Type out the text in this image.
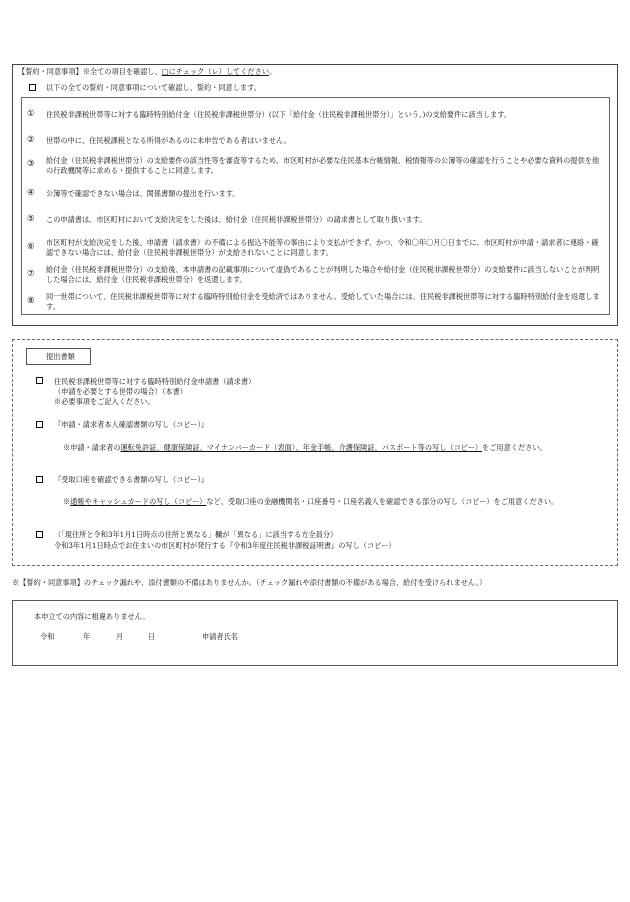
【誓約・同意事項】※全ての項目を確認し、□にチェック（レ）してください。
以下の全ての誓約・同意事項について確認し、誓約・同意します。
① 住民税非課税世帯等に対する臨時特別給付金（住民税非課税世帯分）(以下「給付金（住民税非課税世帯分）」という。)の支給要件に該当します。
② 世帯の中に、住民税課税となる所得があるのに未申告である者はいません。
③ 給付金（住民税非課税世帯分）の支給要件の該当性等を審査等するため、市区町村が必要な住民基本台帳情報、税情報等の公簿等の確認を行うことや必要な資料の提供を他の行政機関等に求める・提供することに同意します。
④ 公簿等で確認できない場合は、関係書類の提出を行います。
⑤ この申請書は、市区町村において支給決定をした後は、給付金（住民税非課税世帯分）の請求書として取り扱います。
⑥ 市区町村が支給決定をした後、申請書（請求書）の不備による振込不能等の事由により支払ができず、かつ、令和〇年〇月〇日までに、市区町村が申請・請求者に連絡・確認できない場合には、給付金（住民税非課税世帯分）が支給されないことに同意します。
⑦ 給付金（住民税非課税世帯分）の支給後、本申請書の記載事項について虚偽であることが判明した場合や給付金（住民税非課税世帯分）の支給要件に該当しないことが判明した場合には、給付金（住民税非課税世帯分）を返還します。
⑧ 同一世帯について、住民税非課税世帯等に対する臨時特別給付金を受給済ではありません。受給していた場合には、住民税非課税世帯等に対する臨時特別給付金を返還します。
提出書類
住民税非課税世帯等に対する臨時特別給付金申請書（請求書）
（申請を必要とする世帯の場合）（本書）
※必要事項をご記入ください。
『申請・請求者本人確認書類の写し（コピー）』
※申請・請求者の運転免許証、健康保険証、マイナンバーカード（表面）、年金手帳、介護保険証、パスポート等の写し（コピー）をご用意ください。
『受取口座を確認できる書類の写し（コピー）』
※通帳やキャッシュカードの写し（コピー）など、受取口座の金融機関名・口座番号・口座名義人を確認できる部分の写し（コピー）をご用意ください。
（「現住所と令和3年1月1日時点の住所と異なる」欄が「異なる」に該当する方全員分）
令和3年1月1日時点でお住まいの市区町村が発行する『令和3年度住民税非課税証明書』の写し（コピー）
※【誓約・同意事項】のチェック漏れや、添付書類の不備はありませんか。（チェック漏れや添付書類の不備がある場合、給付を受けられません。）
本申立ての内容に相違ありません。
令和	年	月	日	申請者氏名
